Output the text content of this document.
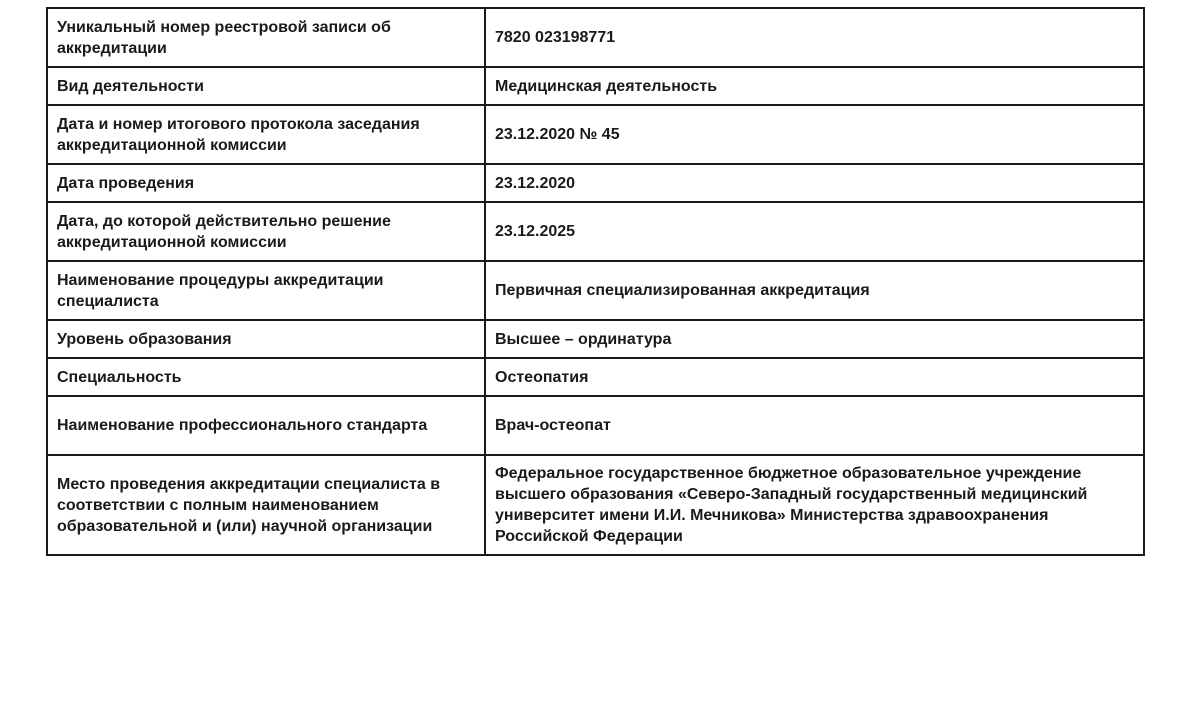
Уникальный номер реестровой записи об аккредитации	7820 023198771
Вид деятельности	Медицинская деятельность
Дата и номер итогового протокола заседания аккредитационной комиссии	23.12.2020 № 45
Дата проведения	23.12.2020
Дата, до которой действительно решение аккредитационной комиссии	23.12.2025
Наименование процедуры аккредитации специалиста	Первичная специализированная аккредитация
Уровень образования	Высшее – ординатура
Специальность	Остеопатия
Наименование профессионального стандарта	Врач-остеопат
Место проведения аккредитации специалиста в соответствии с полным наименованием образовательной и (или) научной организации	Федеральное государственное бюджетное образовательное учреждение высшего образования «Северо-Западный государственный медицинский университет имени И.И. Мечникова» Министерства здравоохранения Российской Федерации
